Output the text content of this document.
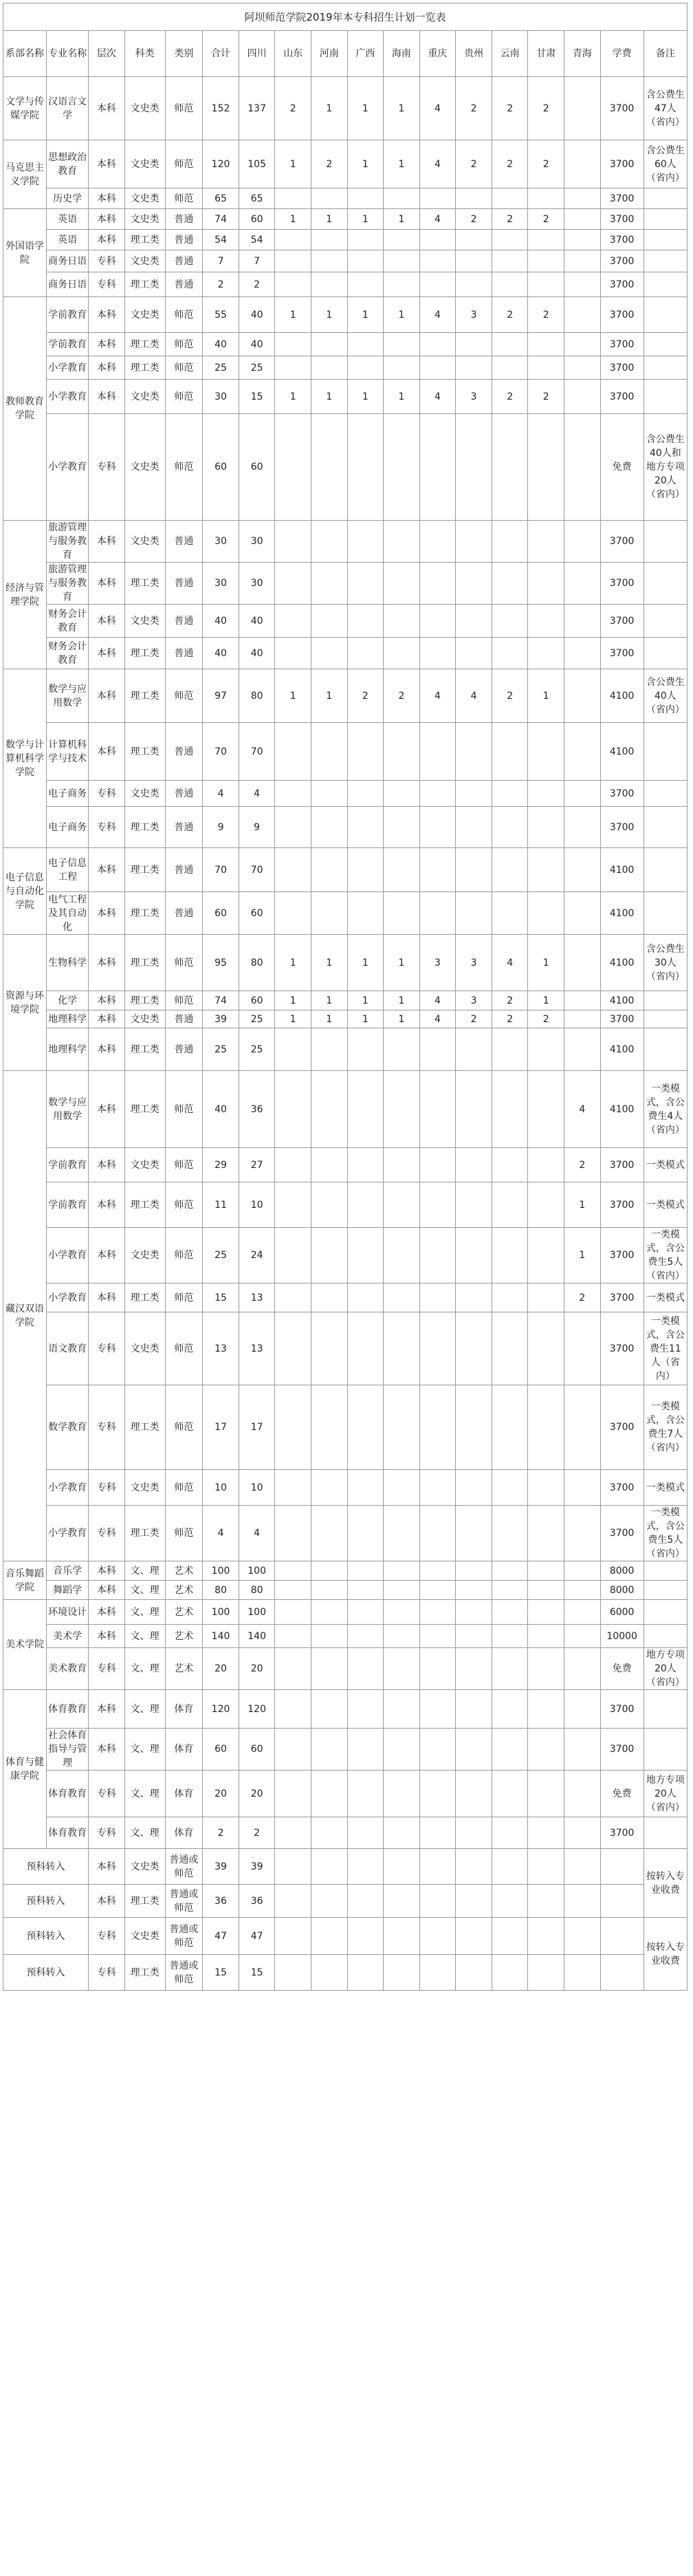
阿坝师范学院2019年本专科招生计划一览表
系部名称	专业名称	层次	科类	类别	合计	四川	山东	河南	广西	海南	重庆	贵州	云南	甘肃	青海	学费	备注
文学与传媒学院	汉语言文学	本科	文史类	师范	152	137	2	1	1	1	4	2	2	2		3700	含公费生47人（省内）
马克思主义学院	思想政治教育	本科	文史类	师范	120	105	1	2	1	1	4	2	2	2		3700	含公费生60人（省内）
	历史学	本科	文史类	师范	65	65										3700	
外国语学院	英语	本科	文史类	普通	74	60	1	1	1	1	4	2	2	2		3700	
	英语	本科	理工类	普通	54	54										3700	
	商务日语	专科	文史类	普通	7	7										3700	
	商务日语	专科	理工类	普通	2	2										3700	
教师教育学院	学前教育	本科	文史类	师范	55	40	1	1	1	1	4	3	2	2		3700	
	学前教育	本科	理工类	师范	40	40										3700	
	小学教育	本科	理工类	师范	25	25										3700	
	小学教育	本科	文史类	师范	30	15	1	1	1	1	4	3	2	2		3700	
	小学教育	专科	文史类	师范	60	60										免费	含公费生40人和地方专项20人（省内）
经济与管理学院	旅游管理与服务教育	本科	文史类	普通	30	30										3700	
	旅游管理与服务教育	本科	理工类	普通	30	30										3700	
	财务会计教育	本科	文史类	普通	40	40										3700	
	财务会计教育	本科	理工类	普通	40	40										3700	
数学与计算机科学学院	数学与应用数学	本科	理工类	师范	97	80	1	1	2	2	4	4	2	1		4100	含公费生40人（省内）
	计算机科学与技术	本科	理工类	普通	70	70										4100	
	电子商务	专科	文史类	普通	4	4										3700	
	电子商务	专科	理工类	普通	9	9										3700	
电子信息与自动化学院	电子信息工程	本科	理工类	普通	70	70										4100	
	电气工程及其自动化	本科	理工类	普通	60	60										4100	
资源与环境学院	生物科学	本科	理工类	师范	95	80	1	1	1	1	3	3	4	1		4100	含公费生30人（省内）
	化学	本科	理工类	师范	74	60	1	1	1	1	4	3	2	1		4100	
	地理科学	本科	文史类	普通	39	25	1	1	1	1	4	2	2	2		3700	
	地理科学	本科	理工类	普通	25	25										4100	
藏汉双语学院	数学与应用数学	本科	理工类	师范	40	36									4	4100	一类模式，含公费生4人（省内）
	学前教育	本科	文史类	师范	29	27									2	3700	一类模式
	学前教育	本科	理工类	师范	11	10									1	3700	一类模式
	小学教育	本科	文史类	师范	25	24									1	3700	一类模式，含公费生5人（省内）
	小学教育	本科	理工类	师范	15	13									2	3700	一类模式
	语文教育	专科	文史类	师范	13	13										3700	一类模式，含公费生11人（省内）
	数学教育	专科	理工类	师范	17	17										3700	一类模式，含公费生7人（省内）
	小学教育	专科	文史类	师范	10	10										3700	一类模式
	小学教育	专科	理工类	师范	4	4										3700	一类模式，含公费生5人（省内）
音乐舞蹈学院	音乐学	本科	文、理	艺术	100	100										8000	
	舞蹈学	本科	文、理	艺术	80	80										8000	
美术学院	环境设计	本科	文、理	艺术	100	100										6000	
	美术学	本科	文、理	艺术	140	140										10000	
	美术教育	专科	文、理	艺术	20	20										免费	地方专项20人（省内）
体育与健康学院	体育教育	本科	文、理	体育	120	120										3700	
	社会体育指导与管理	本科	文、理	体育	60	60										3700	
	体育教育	专科	文、理	体育	20	20										免费	地方专项20人（省内）
	体育教育	专科	文、理	体育	2	2										3700	
预科转入		本科	文史类	普通或师范	39	39											按转入专业收费
预科转入		本科	理工类	普通或师范	36	36											
预科转入		专科	文史类	普通或师范	47	47											按转入专业收费
预科转入		专科	理工类	普通或师范	15	15											
